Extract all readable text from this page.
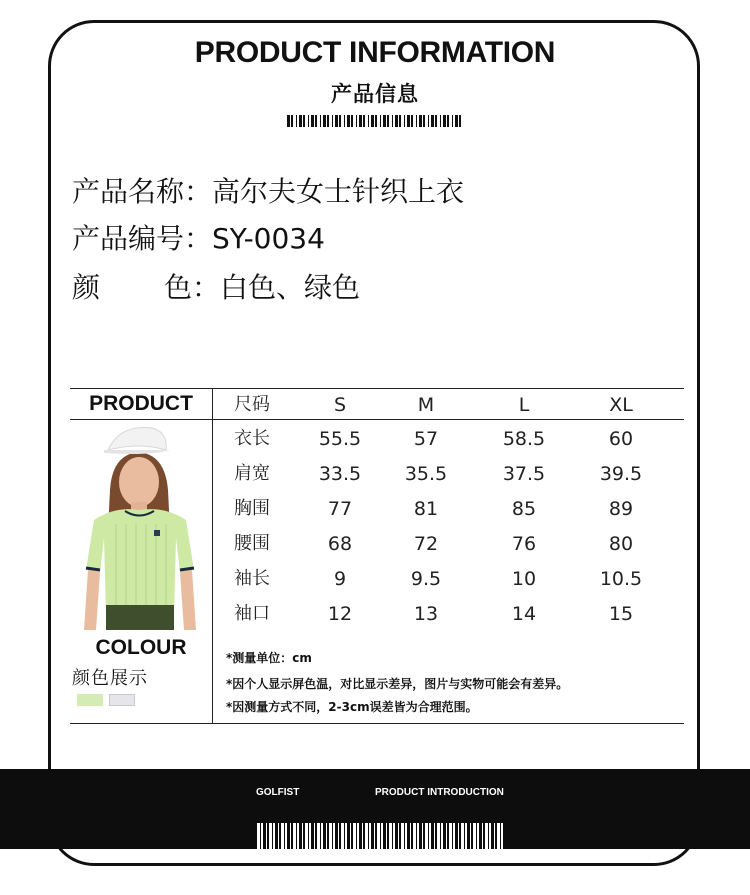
PRODUCT INFORMATION
产品信息
产品名称：高尔夫女士针织上衣
产品编号：SY-0034
颜 色：白色、绿色
PRODUCT
COLOUR
颜色展示
尺码	S	M	L	XL
衣长	55.5	57	58.5	60
肩宽	33.5	35.5	37.5	39.5
胸围	77	81	85	89
腰围	68	72	76	80
袖长	9	9.5	10	10.5
袖口	12	13	14	15
*测量单位：cm
*因个人显示屏色温，对比显示差异，图片与实物可能会有差异。
*因测量方式不同，2-3cm误差皆为合理范围。
GOLFIST	PRODUCT INTRODUCTION
